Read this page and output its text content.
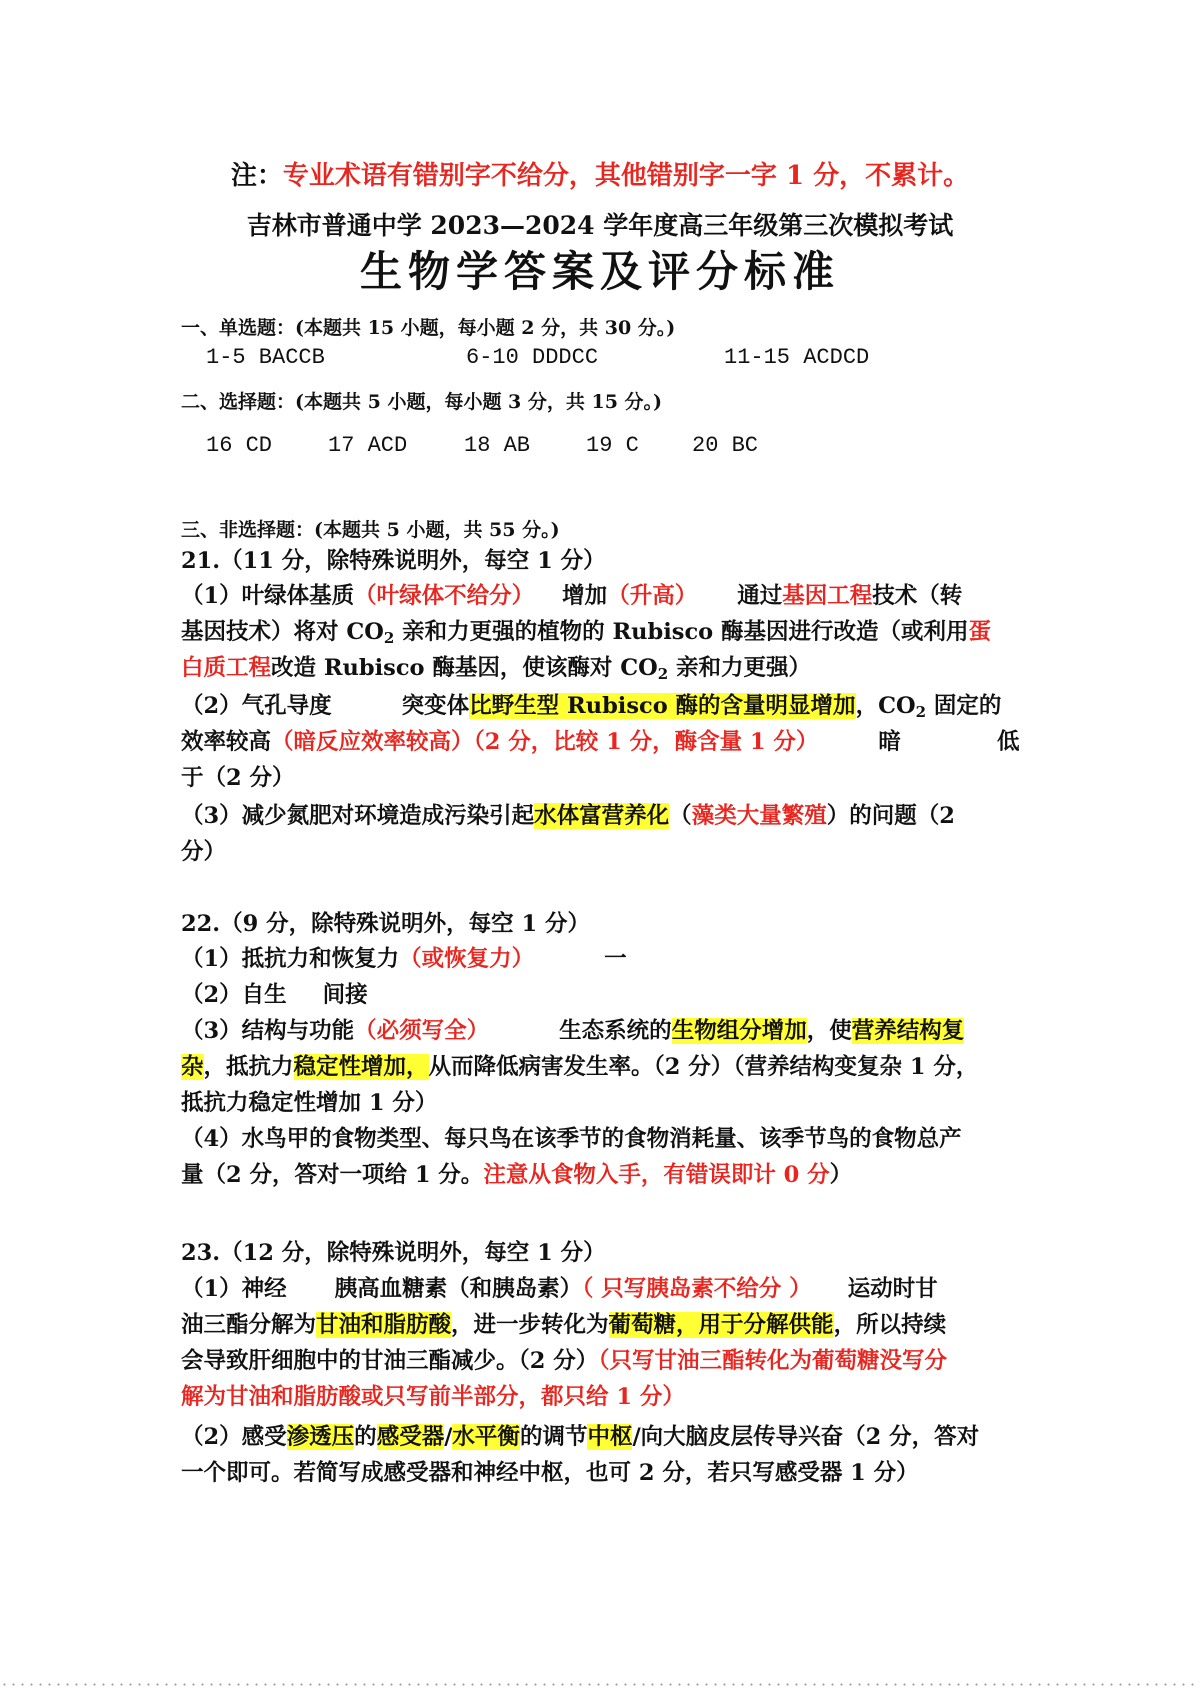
注：专业术语有错别字不给分，其他错别字一字 1 分，不累计。
吉林市普通中学 2023—2024 学年度高三年级第三次模拟考试
生物学答案及评分标准
一、单选题：(本题共 15 小题，每小题 2 分，共 30 分。)
1-5 BACCB	6-10 DDDCC	11-15 ACDCD
二、选择题：(本题共 5 小题，每小题 3 分，共 15 分。)
16 CD	17 ACD	18 AB	19 C 20 BC
三、非选择题：(本题共 5 小题，共 55 分。)
21.（11 分，除特殊说明外，每空 1 分）
（1）叶绿体基质（叶绿体不给分） 增加（升高） 通过基因工程技术（转
基因技术）将对 $CO_2$ 亲和力更强的植物的 Rubisco 酶基因进行改造（或利用蛋
白质工程改造 Rubisco 酶基因，使该酶对 $CO_2$ 亲和力更强）
（2）气孔导度	突变体比野生型 Rubisco 酶的含量明显增加，$CO_2$ 固定的
效率较高（暗反应效率较高）（2 分，比较 1 分，酶含量 1 分）	暗	低
于（2 分）
（3）减少氮肥对环境造成污染引起水体富营养化（藻类大量繁殖）的问题（2
分）
22.（9 分，除特殊说明外，每空 1 分）
（1）抵抗力和恢复力（或恢复力）	一
（2）自生 间接
（3）结构与功能（必须写全）	生态系统的生物组分增加，使营养结构复
杂，抵抗力稳定性增加，从而降低病害发生率。（2 分）（营养结构变复杂 1 分，
抵抗力稳定性增加 1 分）
（4）水鸟甲的食物类型、每只鸟在该季节的食物消耗量、该季节鸟的食物总产
量（2 分，答对一项给 1 分。注意从食物入手，有错误即计 0 分）
23.（12 分，除特殊说明外，每空 1 分）
（1）神经 胰高血糖素（和胰岛素）（ 只写胰岛素不给分 ） 运动时甘
油三酯分解为甘油和脂肪酸，进一步转化为葡萄糖，用于分解供能，所以持续
会导致肝细胞中的甘油三酯减少。（2 分）（只写甘油三酯转化为葡萄糖没写分
解为甘油和脂肪酸或只写前半部分，都只给 1 分）
（2）感受渗透压的感受器/水平衡的调节中枢/向大脑皮层传导兴奋（2 分，答对
一个即可。若简写成感受器和神经中枢，也可 2 分，若只写感受器 1 分）
